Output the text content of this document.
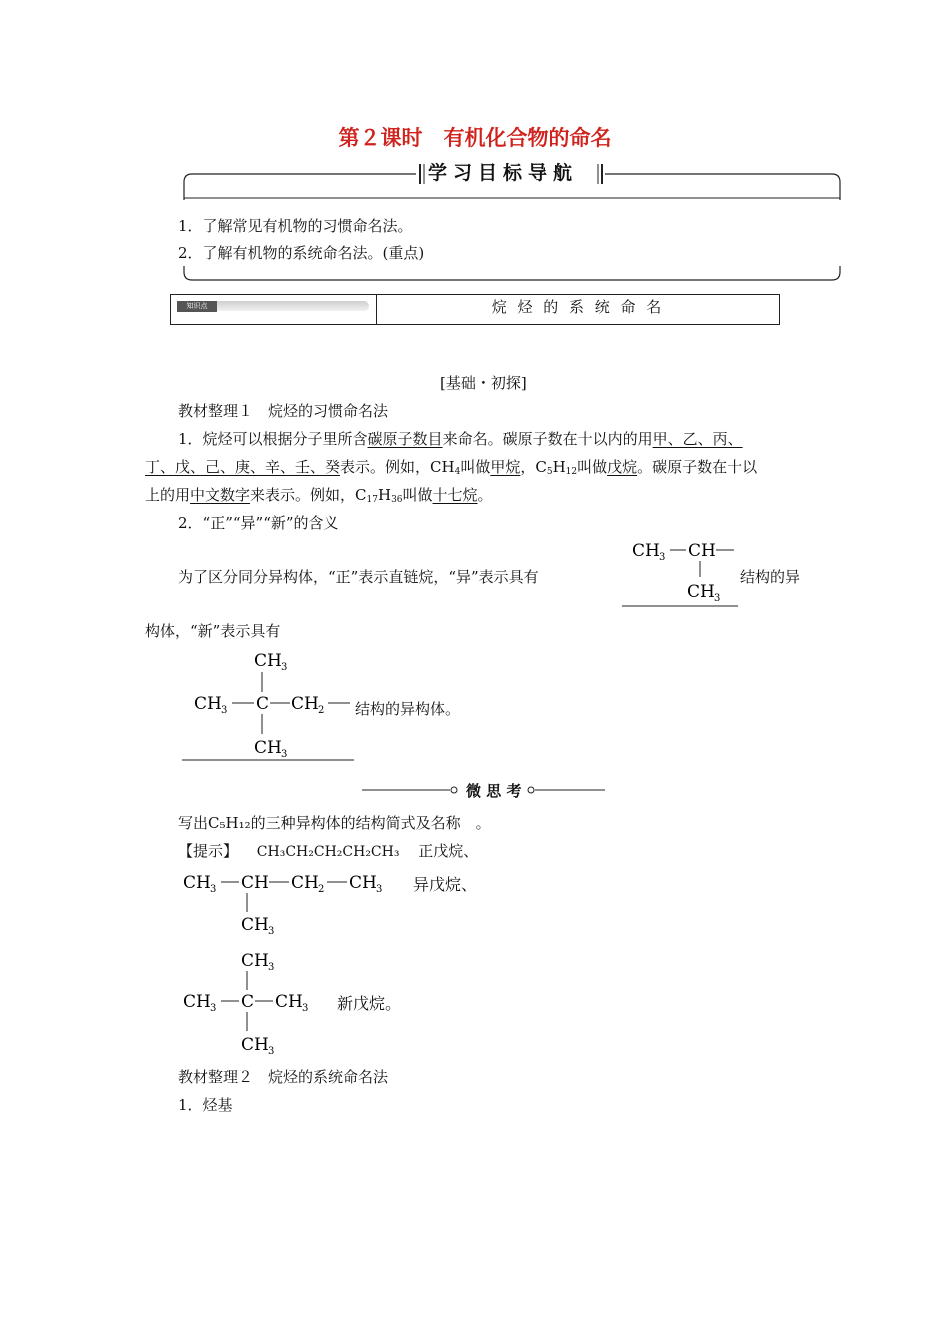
第２课时　有机化合物的命名
学习目标导航
1．了解常见有机物的习惯命名法。
2．了解有机物的系统命名法。(重点)
知识点	烷 烃 的 系 统 命 名
[基础・初探]
教材整理１　烷烃的习惯命名法
1．烷烃可以根据分子里所含碳原子数目来命名。碳原子数在十以内的用甲、乙、丙、
丁、戊、己、庚、辛、壬、癸表示。例如，$CH_4$叫做甲烷，$C_5H_{12}$叫做戊烷。碳原子数在十以
上的用中文数字来表示。例如，$C_{17}H_{36}$叫做十七烷。
2．“正”“异”“新”的含义
为了区分同分异构体，“正”表示直链烷，“异”表示具有
CH 3 CH
CH 3
结构的异
构体，“新”表示具有
CH 3
CH 3 C CH 2
CH 3
结构的异构体。
微 思 考
写出C₅H₁₂的三种异构体的结构简式及名称　。
【提示】 CH₃CH₂CH₂CH₂CH₃ 正戊烷、
CH 3 CH CH 2 CH 3
CH 3
异戊烷、
CH 3
CH 3 C CH 3
CH 3
新戊烷。
教材整理２　烷烃的系统命名法
1．烃基
